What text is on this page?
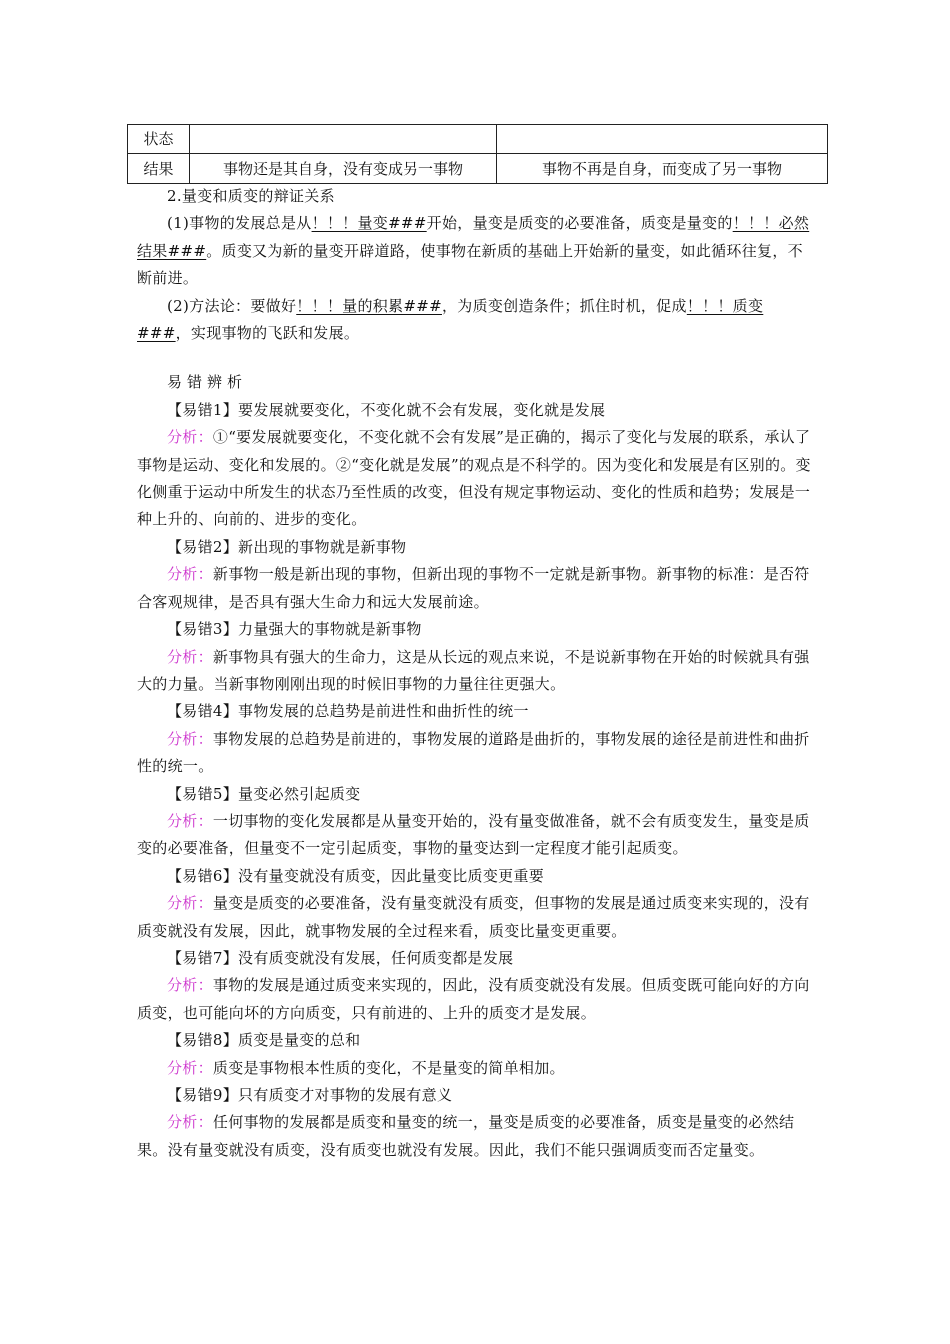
状态		
结果	事物还是其自身，没有变成另一事物	事物不再是自身，而变成了另一事物

2.量变和质变的辩证关系

(1)事物的发展总是从！！！量变###开始，量变是质变的必要准备，质变是量变的！！！必然结果###。质变又为新的量变开辟道路，使事物在新质的基础上开始新的量变，如此循环往复，不断前进。

(2)方法论：要做好！！！量的积累###，为质变创造条件；抓住时机，促成！！！质变###，实现事物的飞跃和发展。

易错辨析

【易错1】要发展就要变化，不变化就不会有发展，变化就是发展

分析：①“要发展就要变化，不变化就不会有发展”是正确的，揭示了变化与发展的联系，承认了事物是运动、变化和发展的。②“变化就是发展”的观点是不科学的。因为变化和发展是有区别的。变化侧重于运动中所发生的状态乃至性质的改变，但没有规定事物运动、变化的性质和趋势；发展是一种上升的、向前的、进步的变化。

【易错2】新出现的事物就是新事物

分析：新事物一般是新出现的事物，但新出现的事物不一定就是新事物。新事物的标准：是否符合客观规律，是否具有强大生命力和远大发展前途。

【易错3】力量强大的事物就是新事物

分析：新事物具有强大的生命力，这是从长远的观点来说，不是说新事物在开始的时候就具有强大的力量。当新事物刚刚出现的时候旧事物的力量往往更强大。

【易错4】事物发展的总趋势是前进性和曲折性的统一

分析：事物发展的总趋势是前进的，事物发展的道路是曲折的，事物发展的途径是前进性和曲折性的统一。

【易错5】量变必然引起质变

分析：一切事物的变化发展都是从量变开始的，没有量变做准备，就不会有质变发生，量变是质变的必要准备，但量变不一定引起质变，事物的量变达到一定程度才能引起质变。

【易错6】没有量变就没有质变，因此量变比质变更重要

分析：量变是质变的必要准备，没有量变就没有质变，但事物的发展是通过质变来实现的，没有质变就没有发展，因此，就事物发展的全过程来看，质变比量变更重要。

【易错7】没有质变就没有发展，任何质变都是发展

分析：事物的发展是通过质变来实现的，因此，没有质变就没有发展。但质变既可能向好的方向质变，也可能向坏的方向质变，只有前进的、上升的质变才是发展。

【易错8】质变是量变的总和

分析：质变是事物根本性质的变化，不是量变的简单相加。

【易错9】只有质变才对事物的发展有意义

分析：任何事物的发展都是质变和量变的统一，量变是质变的必要准备，质变是量变的必然结果。没有量变就没有质变，没有质变也就没有发展。因此，我们不能只强调质变而否定量变。
